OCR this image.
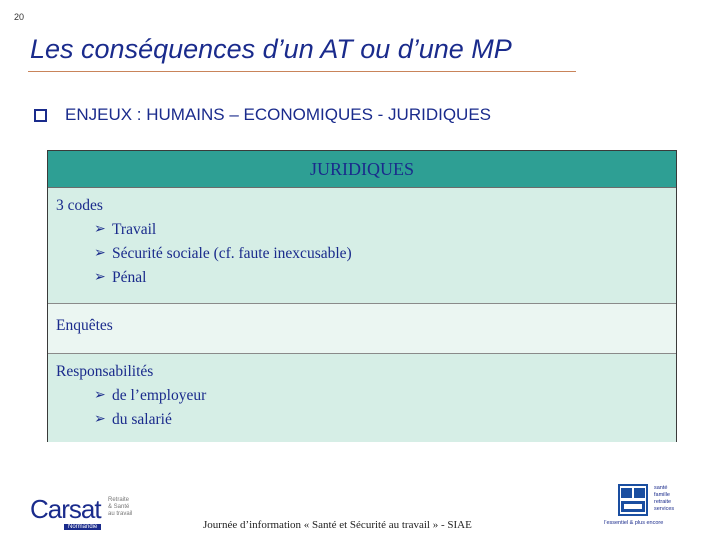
20
Les conséquences d’un AT ou d’une MP
ENJEUX : HUMAINS – ECONOMIQUES - JURIDIQUES
JURIDIQUES
3 codes
➢ Travail
➢ Sécurité sociale (cf. faute inexcusable)
➢ Pénal
Enquêtes
Responsabilités
➢ de l’employeur
➢ du salarié
Carsat Retraite
& Santé
au travail
Normandie	Journée d’information « Santé et Sécurité au travail » - SIAE
santé
famille
retraite
services
l’essentiel & plus encore
